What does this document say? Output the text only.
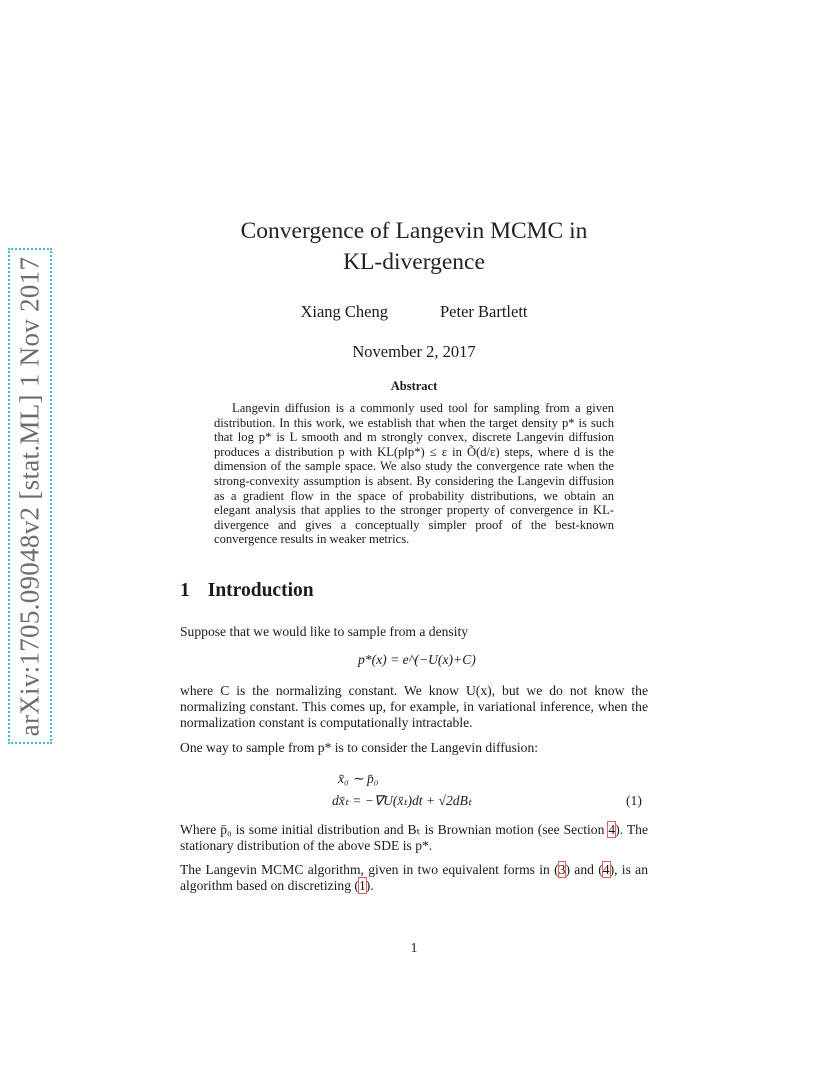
arXiv:1705.09048v2 [stat.ML] 1 Nov 2017
Convergence of Langevin MCMC in
KL-divergence
Xiang Cheng	Peter Bartlett
November 2, 2017
Abstract
Langevin diffusion is a commonly used tool for sampling from a given distribution. In this work, we establish that when the target density p* is such that log p* is L smooth and m strongly convex, discrete Langevin diffusion produces a distribution p with KL(p‖p*) ≤ ε in Õ(d/ε) steps, where d is the dimension of the sample space. We also study the convergence rate when the strong-convexity assumption is absent. By considering the Langevin diffusion as a gradient flow in the space of probability distributions, we obtain an elegant analysis that applies to the stronger property of convergence in KL-divergence and gives a conceptually simpler proof of the best-known convergence results in weaker metrics.
1 Introduction
Suppose that we would like to sample from a density
p*(x) = e^(−U(x)+C)
where C is the normalizing constant. We know U(x), but we do not know the normalizing constant. This comes up, for example, in variational inference, when the normalization constant is computationally intractable.
One way to sample from p* is to consider the Langevin diffusion:
x̄₀ ∼ p̄₀
dx̄ₜ = −∇U(x̄ₜ)dt + √2dBₜ	(1)
Where p̄₀ is some initial distribution and Bₜ is Brownian motion (see Section 4). The stationary distribution of the above SDE is p*.
The Langevin MCMC algorithm, given in two equivalent forms in (3) and (4), is an algorithm based on discretizing (1).
1
